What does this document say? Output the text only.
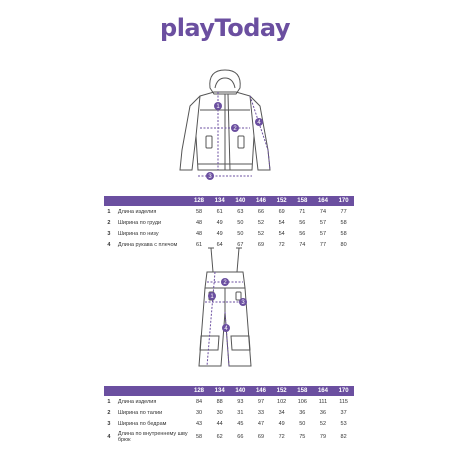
playToday
1
2
3
4
128	134	140	146	152	158	164	170
1	Длина изделия	58	61	63	66	69	71	74	77
2	Ширина по груди	48	49	50	52	54	56	57	58
3	Ширина по низу	48	49	50	52	54	56	57	58
4	Длина рукава с плечом	61	64	67	69	72	74	77	80
1
2
3
4
128	134	140	146	152	158	164	170
1	Длина изделия	84	88	93	97	102	106	111	115
2	Ширина по талии	30	30	31	33	34	36	36	37
3	Ширина по бедрам	43	44	45	47	49	50	52	53
4	Длина по внутреннему шву брюк	58	62	66	69	72	75	79	82
